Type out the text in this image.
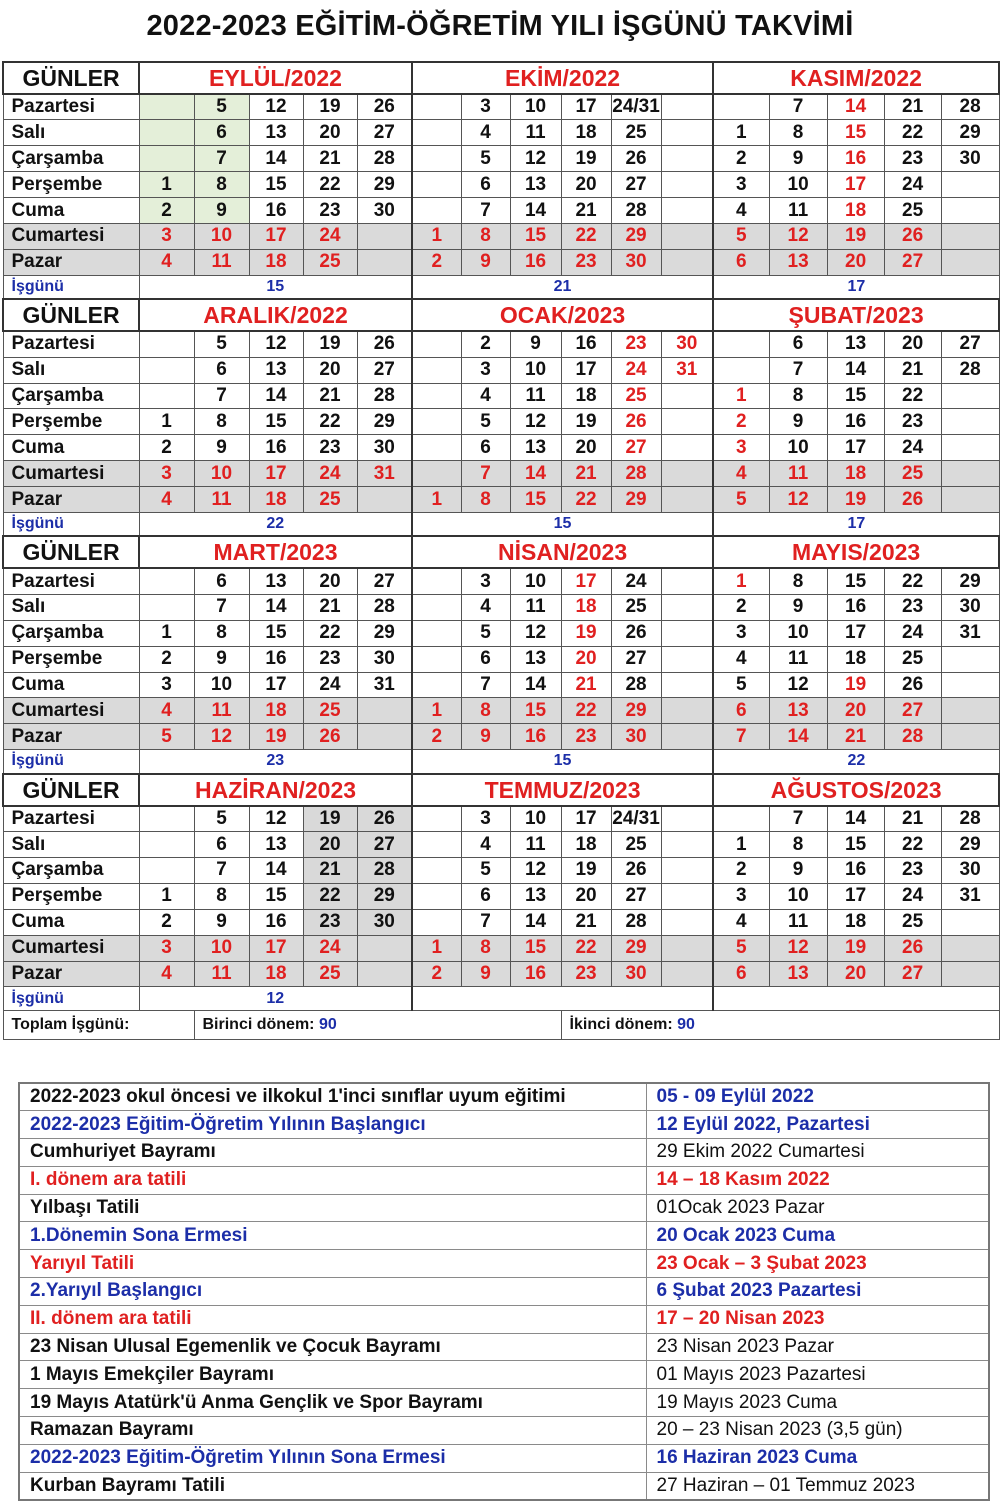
2022-2023 EĞİTİM-ÖĞRETİM YILI İŞGÜNÜ TAKVİMİ
GÜNLER	EYLÜL/2022					EKİM/2022						KASIM/2022				
Pazartesi		5	12	19	26		3	10	17	24/31			7	14	21	28
Salı		6	13	20	27		4	11	18	25		1	8	15	22	29
Çarşamba		7	14	21	28		5	12	19	26		2	9	16	23	30
Perşembe	1	8	15	22	29		6	13	20	27		3	10	17	24	
Cuma	2	9	16	23	30		7	14	21	28		4	11	18	25	
Cumartesi	3	10	17	24		1	8	15	22	29		5	12	19	26	
Pazar	4	11	18	25		2	9	16	23	30		6	13	20	27	
İşgünü	15					21						17				
GÜNLER	ARALIK/2022					OCAK/2023						ŞUBAT/2023				
Pazartesi		5	12	19	26		2	9	16	23	30		6	13	20	27
Salı		6	13	20	27		3	10	17	24	31		7	14	21	28
Çarşamba		7	14	21	28		4	11	18	25		1	8	15	22	
Perşembe	1	8	15	22	29		5	12	19	26		2	9	16	23	
Cuma	2	9	16	23	30		6	13	20	27		3	10	17	24	
Cumartesi	3	10	17	24	31		7	14	21	28		4	11	18	25	
Pazar	4	11	18	25		1	8	15	22	29		5	12	19	26	
İşgünü	22					15						17				
GÜNLER	MART/2023					NİSAN/2023						MAYIS/2023				
Pazartesi		6	13	20	27		3	10	17	24		1	8	15	22	29
Salı		7	14	21	28		4	11	18	25		2	9	16	23	30
Çarşamba	1	8	15	22	29		5	12	19	26		3	10	17	24	31
Perşembe	2	9	16	23	30		6	13	20	27		4	11	18	25	
Cuma	3	10	17	24	31		7	14	21	28		5	12	19	26	
Cumartesi	4	11	18	25		1	8	15	22	29		6	13	20	27	
Pazar	5	12	19	26		2	9	16	23	30		7	14	21	28	
İşgünü	23					15						22				
GÜNLER	HAZİRAN/2023					TEMMUZ/2023						AĞUSTOS/2023				
Pazartesi		5	12	19	26		3	10	17	24/31			7	14	21	28
Salı		6	13	20	27		4	11	18	25		1	8	15	22	29
Çarşamba		7	14	21	28		5	12	19	26		2	9	16	23	30
Perşembe	1	8	15	22	29		6	13	20	27		3	10	17	24	31
Cuma	2	9	16	23	30		7	14	21	28		4	11	18	25	
Cumartesi	3	10	17	24		1	8	15	22	29		5	12	19	26	
Pazar	4	11	18	25		2	9	16	23	30		6	13	20	27	
İşgünü	12															
Toplam İşgünü:		Birinci dönem: 90							İkinci dönem: 90							
2022-2023 okul öncesi ve ilkokul 1'inci sınıflar uyum eğitimi	05 - 09 Eylül 2022
2022-2023 Eğitim-Öğretim Yılının Başlangıcı	12 Eylül 2022, Pazartesi
Cumhuriyet Bayramı	29 Ekim 2022 Cumartesi
I. dönem ara tatili	14 – 18 Kasım 2022
Yılbaşı Tatili	01Ocak 2023 Pazar
1.Dönemin Sona Ermesi	20 Ocak 2023 Cuma
Yarıyıl Tatili	23 Ocak – 3 Şubat 2023
2.Yarıyıl Başlangıcı	6 Şubat 2023 Pazartesi
II. dönem ara tatili	17 – 20 Nisan 2023
23 Nisan Ulusal Egemenlik ve Çocuk Bayramı	23 Nisan 2023 Pazar
1 Mayıs Emekçiler Bayramı	01 Mayıs 2023 Pazartesi
19 Mayıs Atatürk'ü Anma Gençlik ve Spor Bayramı	19 Mayıs 2023 Cuma
Ramazan Bayramı	20 – 23 Nisan 2023 (3,5 gün)
2022-2023 Eğitim-Öğretim Yılının Sona Ermesi	16 Haziran 2023 Cuma
Kurban Bayramı Tatili	27 Haziran – 01 Temmuz 2023
